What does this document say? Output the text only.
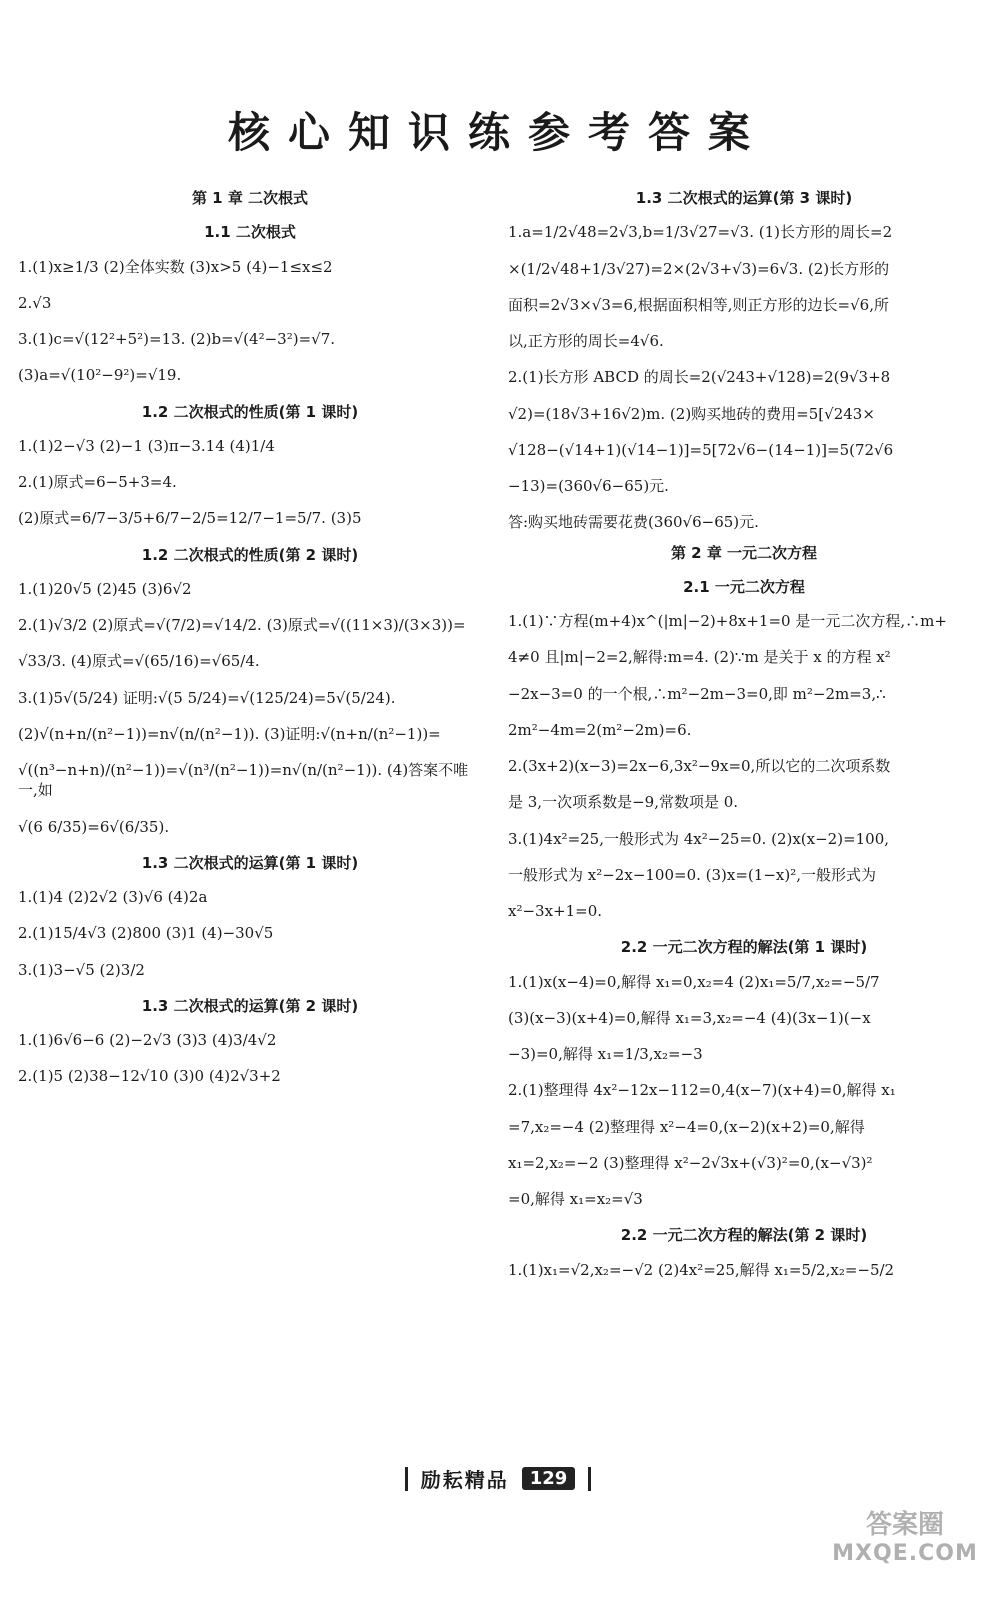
核心知识练参考答案
第 1 章 二次根式
1.1 二次根式
1.(1)x≥1/3 (2)全体实数 (3)x>5 (4)−1≤x≤2
2.√3
3.(1)c=√(12²+5²)=13. (2)b=√(4²−3²)=√7.
(3)a=√(10²−9²)=√19.
1.2 二次根式的性质(第 1 课时)
1.(1)2−√3 (2)−1 (3)π−3.14 (4)1/4
2.(1)原式=6−5+3=4.
(2)原式=6/7−3/5+6/7−2/5=12/7−1=5/7. (3)5
1.2 二次根式的性质(第 2 课时)
1.(1)20√5 (2)45 (3)6√2
2.(1)√3/2 (2)原式=√(7/2)=√14/2. (3)原式=√((11×3)/(3×3))=
√33/3. (4)原式=√(65/16)=√65/4.
3.(1)5√(5/24) 证明:√(5 5/24)=√(125/24)=5√(5/24).
(2)√(n+n/(n²−1))=n√(n/(n²−1)). (3)证明:√(n+n/(n²−1))=
√((n³−n+n)/(n²−1))=√(n³/(n²−1))=n√(n/(n²−1)). (4)答案不唯一,如
√(6 6/35)=6√(6/35).
1.3 二次根式的运算(第 1 课时)
1.(1)4 (2)2√2 (3)√6 (4)2a
2.(1)15/4√3 (2)800 (3)1 (4)−30√5
3.(1)3−√5 (2)3/2
1.3 二次根式的运算(第 2 课时)
1.(1)6√6−6 (2)−2√3 (3)3 (4)3/4√2
2.(1)5 (2)38−12√10 (3)0 (4)2√3+2
1.3 二次根式的运算(第 3 课时)
1.a=1/2√48=2√3,b=1/3√27=√3. (1)长方形的周长=2
×(1/2√48+1/3√27)=2×(2√3+√3)=6√3. (2)长方形的
面积=2√3×√3=6,根据面积相等,则正方形的边长=√6,所
以,正方形的周长=4√6.
2.(1)长方形 ABCD 的周长=2(√243+√128)=2(9√3+8
√2)=(18√3+16√2)m. (2)购买地砖的费用=5[√243×
√128−(√14+1)(√14−1)]=5[72√6−(14−1)]=5(72√6
−13)=(360√6−65)元.
答:购买地砖需要花费(360√6−65)元.
第 2 章 一元二次方程
2.1 一元二次方程
1.(1)∵方程(m+4)x^(|m|−2)+8x+1=0 是一元二次方程,∴m+
4≠0 且|m|−2=2,解得:m=4. (2)∵m 是关于 x 的方程 x²
−2x−3=0 的一个根,∴m²−2m−3=0,即 m²−2m=3,∴
2m²−4m=2(m²−2m)=6.
2.(3x+2)(x−3)=2x−6,3x²−9x=0,所以它的二次项系数
是 3,一次项系数是−9,常数项是 0.
3.(1)4x²=25,一般形式为 4x²−25=0. (2)x(x−2)=100,
一般形式为 x²−2x−100=0. (3)x=(1−x)²,一般形式为
x²−3x+1=0.
2.2 一元二次方程的解法(第 1 课时)
1.(1)x(x−4)=0,解得 x₁=0,x₂=4 (2)x₁=5/7,x₂=−5/7
(3)(x−3)(x+4)=0,解得 x₁=3,x₂=−4 (4)(3x−1)(−x
−3)=0,解得 x₁=1/3,x₂=−3
2.(1)整理得 4x²−12x−112=0,4(x−7)(x+4)=0,解得 x₁
=7,x₂=−4 (2)整理得 x²−4=0,(x−2)(x+2)=0,解得
x₁=2,x₂=−2 (3)整理得 x²−2√3x+(√3)²=0,(x−√3)²
=0,解得 x₁=x₂=√3
2.2 一元二次方程的解法(第 2 课时)
1.(1)x₁=√2,x₂=−√2 (2)4x²=25,解得 x₁=5/2,x₂=−5/2
励耘精品 129
答案圈
MXQE.COM
